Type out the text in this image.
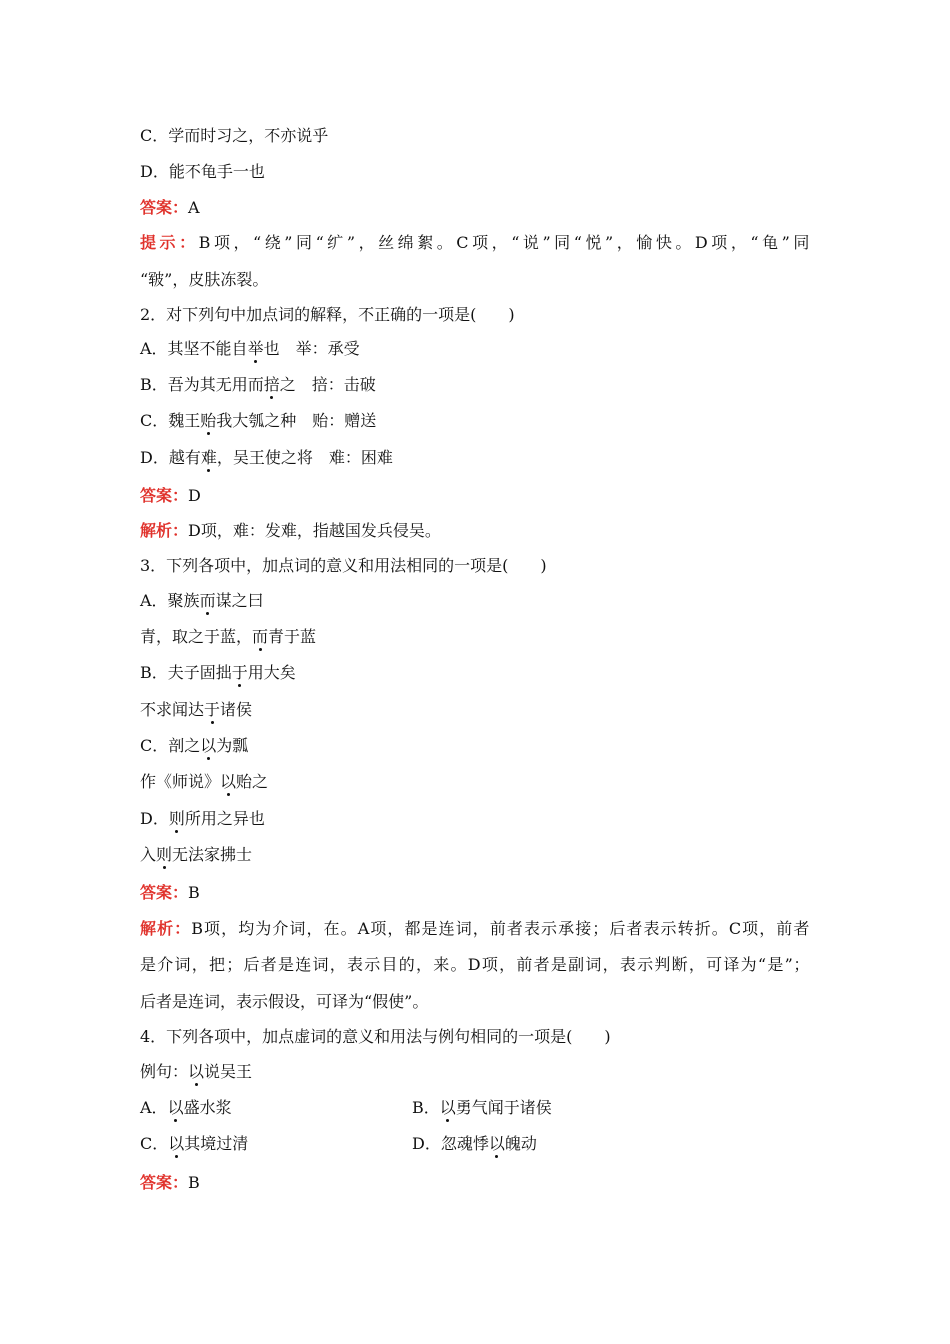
C．学而时习之，不亦说乎
D．能不龟手一也
答案：A
提示：B项，“绕”同“纩”，丝绵絮。C项，“说”同“悦”，愉快。D项，“龟”同
“皲”，皮肤冻裂。
2．对下列句中加点词的解释，不正确的一项是(　　)
A．其坚不能自举也　举：承受
B．吾为其无用而掊之　掊：击破
C．魏王贻我大瓠之种　贻：赠送
D．越有难，吴王使之将　难：困难
答案：D
解析：D项，难：发难，指越国发兵侵吴。
3．下列各项中，加点词的意义和用法相同的一项是(　　)
A．聚族而谋之曰
青，取之于蓝，而青于蓝
B．夫子固拙于用大矣
不求闻达于诸侯
C．剖之以为瓢
作《师说》以贻之
D．则所用之异也
入则无法家拂士
答案：B
解析：B项，均为介词，在。A项，都是连词，前者表示承接；后者表示转折。C项，前者
是介词，把；后者是连词，表示目的，来。D项，前者是副词，表示判断，可译为“是”；
后者是连词，表示假设，可译为“假使”。
4．下列各项中，加点虚词的意义和用法与例句相同的一项是(　　)
例句：以说吴王
A．以盛水浆	B．以勇气闻于诸侯
C．以其境过清	D．忽魂悸以魄动
答案：B
